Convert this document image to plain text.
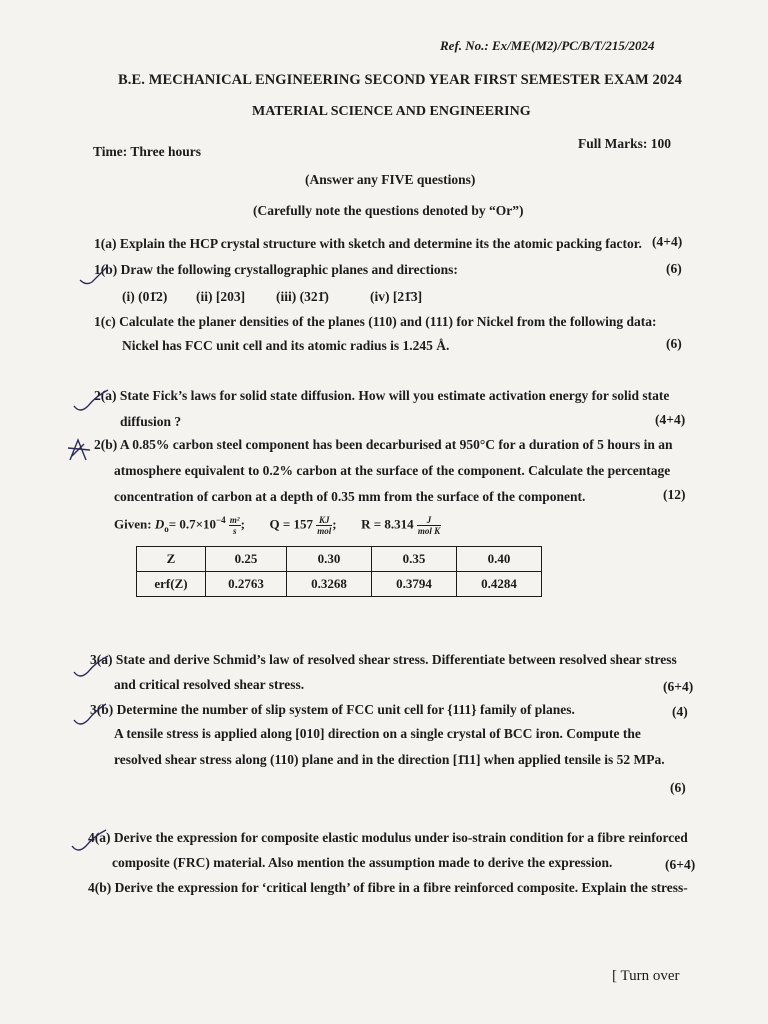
Ref. No.: Ex/ME(M2)/PC/B/T/215/2024
B.E. MECHANICAL ENGINEERING SECOND YEAR FIRST SEMESTER EXAM 2024
MATERIAL SCIENCE AND ENGINEERING
Time: Three hours
Full Marks: 100
(Answer any FIVE questions)
(Carefully note the questions denoted by “Or”)
1(a) Explain the HCP crystal structure with sketch and determine its the atomic packing factor. (4+4)
1(b) Draw the following crystallographic planes and directions:	(6)
(i) (01̄2) (ii) [203] (iii) (321̄)	(iv) [21̄3]
1(c) Calculate the planer densities of the planes (110) and (111) for Nickel from the following data:
Nickel has FCC unit cell and its atomic radius is 1.245 Å.	(6)
2(a) State Fick’s laws for solid state diffusion. How will you estimate activation energy for solid state
diffusion ?	(4+4)
2(b) A 0.85% carbon steel component has been decarburised at 950°C for a duration of 5 hours in an
atmosphere equivalent to 0.2% carbon at the surface of the component. Calculate the percentage
concentration of carbon at a depth of 0.35 mm from the surface of the component.	(12)
Given: $D_o= 0.7\times 10^{-4} \frac{\text{m²}}{s}$ ; $Q = 157 \frac{KJ}{\text{mol}}$ ; $R = 8.314 \frac{J}{\text{mol K}}$
Z	0.25	0.30	0.35	0.40
erf(Z)	0.2763	0.3268	0.3794	0.4284
3(a) State and derive Schmid’s law of resolved shear stress. Differentiate between resolved shear stress
and critical resolved shear stress.	(6+4)
3(b) Determine the number of slip system of FCC unit cell for {111} family of planes.	(4)
A tensile stress is applied along [010] direction on a single crystal of BCC iron. Compute the
resolved shear stress along (110) plane and in the direction [1̄11] when applied tensile is 52 MPa.
(6)
4(a) Derive the expression for composite elastic modulus under iso-strain condition for a fibre reinforced
composite (FRC) material. Also mention the assumption made to derive the expression.	(6+4)
4(b) Derive the expression for ‘critical length’ of fibre in a fibre reinforced composite. Explain the stress-
[ Turn over
